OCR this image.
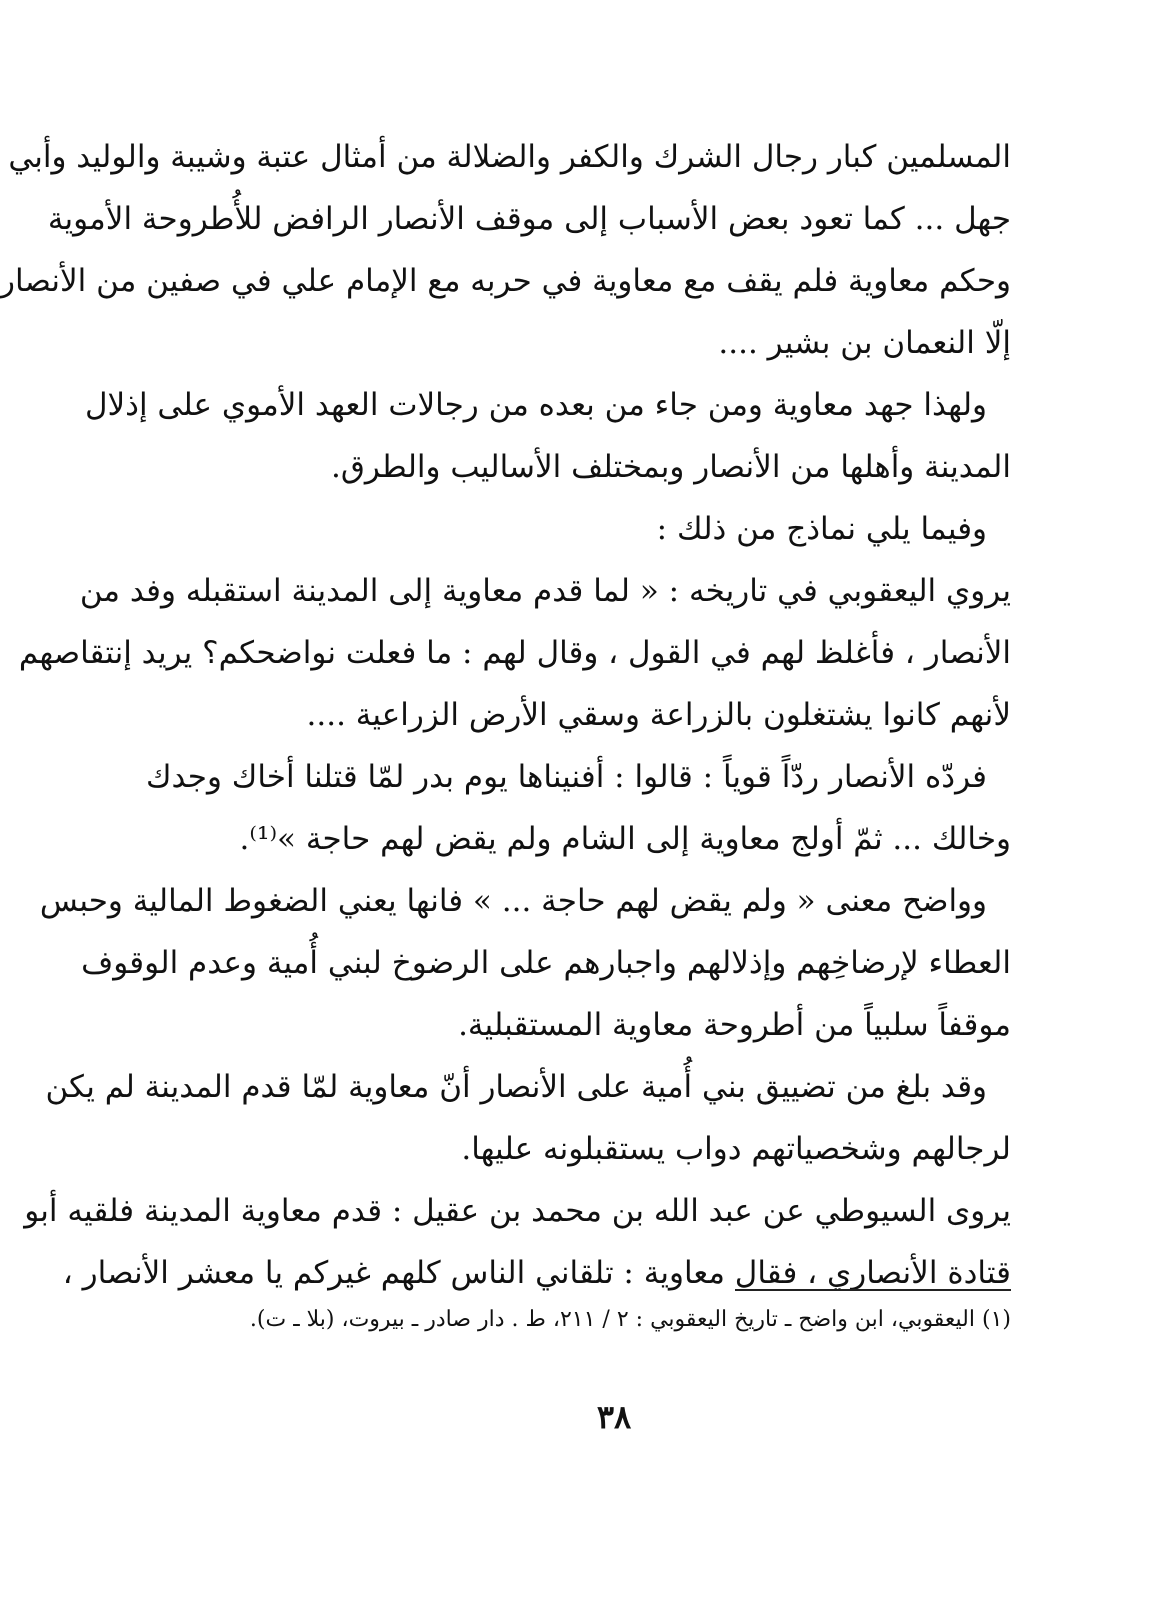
المسلمين كبار رجال الشرك والكفر والضلالة من أمثال عتبة وشيبة والوليد وأبي
جهل ... كما تعود بعض الأسباب إلى موقف الأنصار الرافض للأُطروحة الأموية
وحكم معاوية فلم يقف مع معاوية في حربه مع الإمام علي في صفين من الأنصار
إلّا النعمان بن بشير ....

ولهذا جهد معاوية ومن جاء من بعده من رجالات العهد الأموي على إذلال
المدينة وأهلها من الأنصار وبمختلف الأساليب والطرق.

وفيما يلي نماذج من ذلك :

يروي اليعقوبي في تاريخه : « لما قدم معاوية إلى المدينة استقبله وفد من
الأنصار ، فأغلظ لهم في القول ، وقال لهم : ما فعلت نواضحكم؟ يريد إنتقاصهم
لأنهم كانوا يشتغلون بالزراعة وسقي الأرض الزراعية ....

فردّه الأنصار ردّاً قوياً : قالوا : أفنيناها يوم بدر لمّا قتلنا أخاك وجدك
وخالك ... ثمّ أولج معاوية إلى الشام ولم يقض لهم حاجة »⁽¹⁾.

وواضح معنى « ولم يقض لهم حاجة ... » فانها يعني الضغوط المالية وحبس
العطاء لإرضاخِهم وإذلالهم واجبارهم على الرضوخ لبني أُمية وعدم الوقوف
موقفاً سلبياً من أطروحة معاوية المستقبلية.

وقد بلغ من تضييق بني أُمية على الأنصار أنّ معاوية لمّا قدم المدينة لم يكن
لرجالهم وشخصياتهم دواب يستقبلونه عليها.

يروى السيوطي عن عبد الله بن محمد بن عقيل : قدم معاوية المدينة فلقيه أبو
قتادة الأنصاري ، فقال معاوية : تلقاني الناس كلهم غيركم يا معشر الأنصار ،

(١) اليعقوبي، ابن واضح ـ تاريخ اليعقوبي : ٢ / ٢١١، ط . دار صادر ـ بيروت، (بلا ـ ت).
٣٨
